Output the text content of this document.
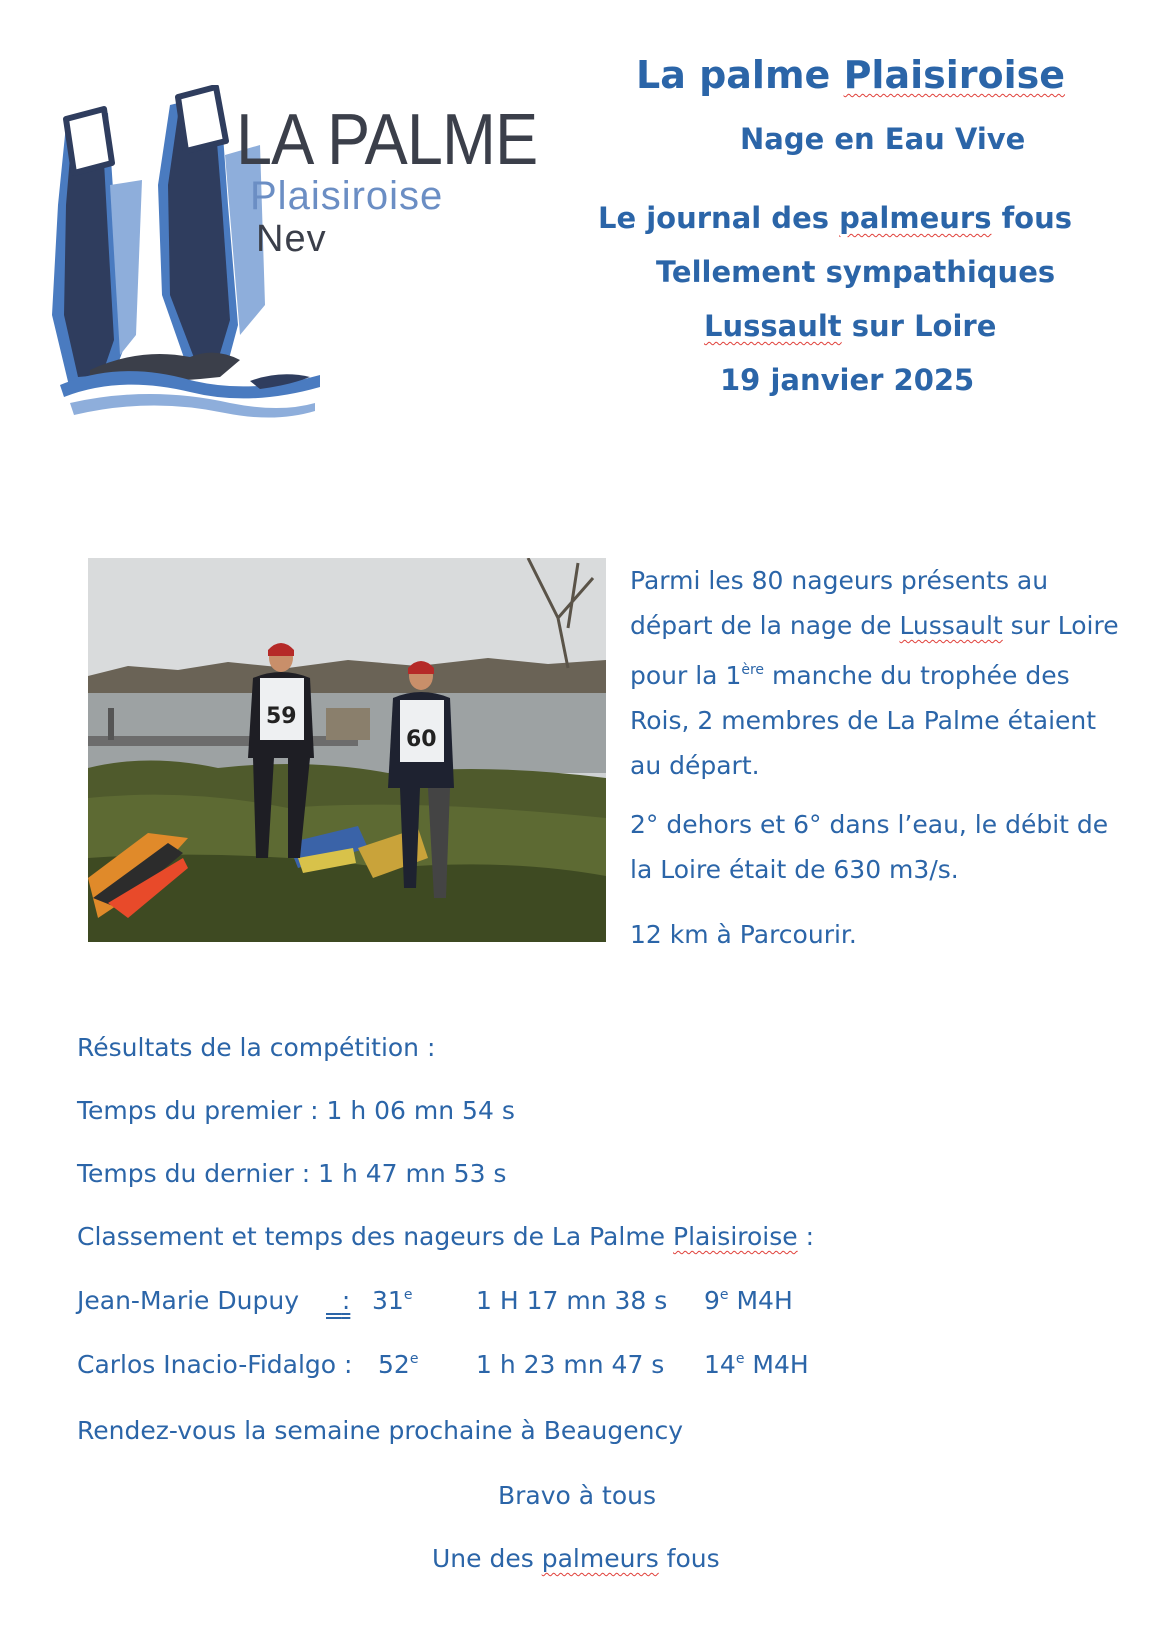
LA PALME
Plaisiroise
Nev
La palme Plaisiroise
Nage en Eau Vive
Le journal des palmeurs fous
Tellement sympathiques
Lussault sur Loire
19 janvier 2025
59
60
Parmi les 80 nageurs présents au départ de la nage de Lussault sur Loire pour la 1ère manche du trophée des Rois, 2 membres de La Palme étaient au départ.
2° dehors et 6° dans l’eau, le débit de la Loire était de 630 m3/s.
12 km à Parcourir.
Résultats de la compétition :
Temps du premier : 1 h 06 mn 54 s
Temps du dernier : 1 h 47 mn 53 s
Classement et temps des nageurs de La Palme Plaisiroise :
Jean-Marie Dupuy	: 31e	1 H 17 mn 38 s 9e M4H
Carlos Inacio-Fidalgo : 52e 1 h 23 mn 47 s 14e M4H
Rendez-vous la semaine prochaine à Beaugency
Bravo à tous
Une des palmeurs fous
